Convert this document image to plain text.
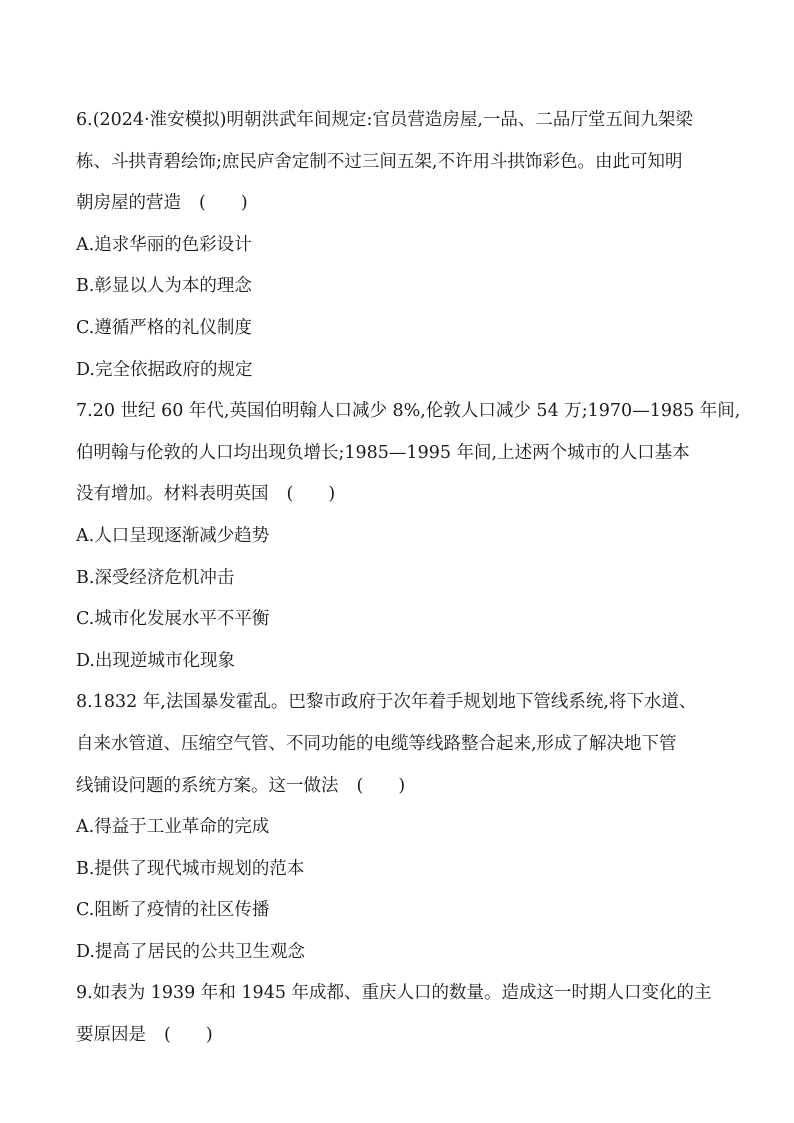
6.(2024·淮安模拟)明朝洪武年间规定:官员营造房屋,一品、二品厅堂五间九架梁
栋、斗拱青碧绘饰;庶民庐舍定制不过三间五架,不许用斗拱饰彩色。由此可知明
朝房屋的营造 (　　)
A.追求华丽的色彩设计
B.彰显以人为本的理念
C.遵循严格的礼仪制度
D.完全依据政府的规定
7.20 世纪 60 年代,英国伯明翰人口减少 8%,伦敦人口减少 54 万;1970—1985 年间,
伯明翰与伦敦的人口均出现负增长;1985—1995 年间,上述两个城市的人口基本
没有增加。材料表明英国 (　　)
A.人口呈现逐渐减少趋势
B.深受经济危机冲击
C.城市化发展水平不平衡
D.出现逆城市化现象
8.1832 年,法国暴发霍乱。巴黎市政府于次年着手规划地下管线系统,将下水道、
自来水管道、压缩空气管、不同功能的电缆等线路整合起来,形成了解决地下管
线铺设问题的系统方案。这一做法 (　　)
A.得益于工业革命的完成
B.提供了现代城市规划的范本
C.阻断了疫情的社区传播
D.提高了居民的公共卫生观念
9.如表为 1939 年和 1945 年成都、重庆人口的数量。造成这一时期人口变化的主
要原因是 (　　)
